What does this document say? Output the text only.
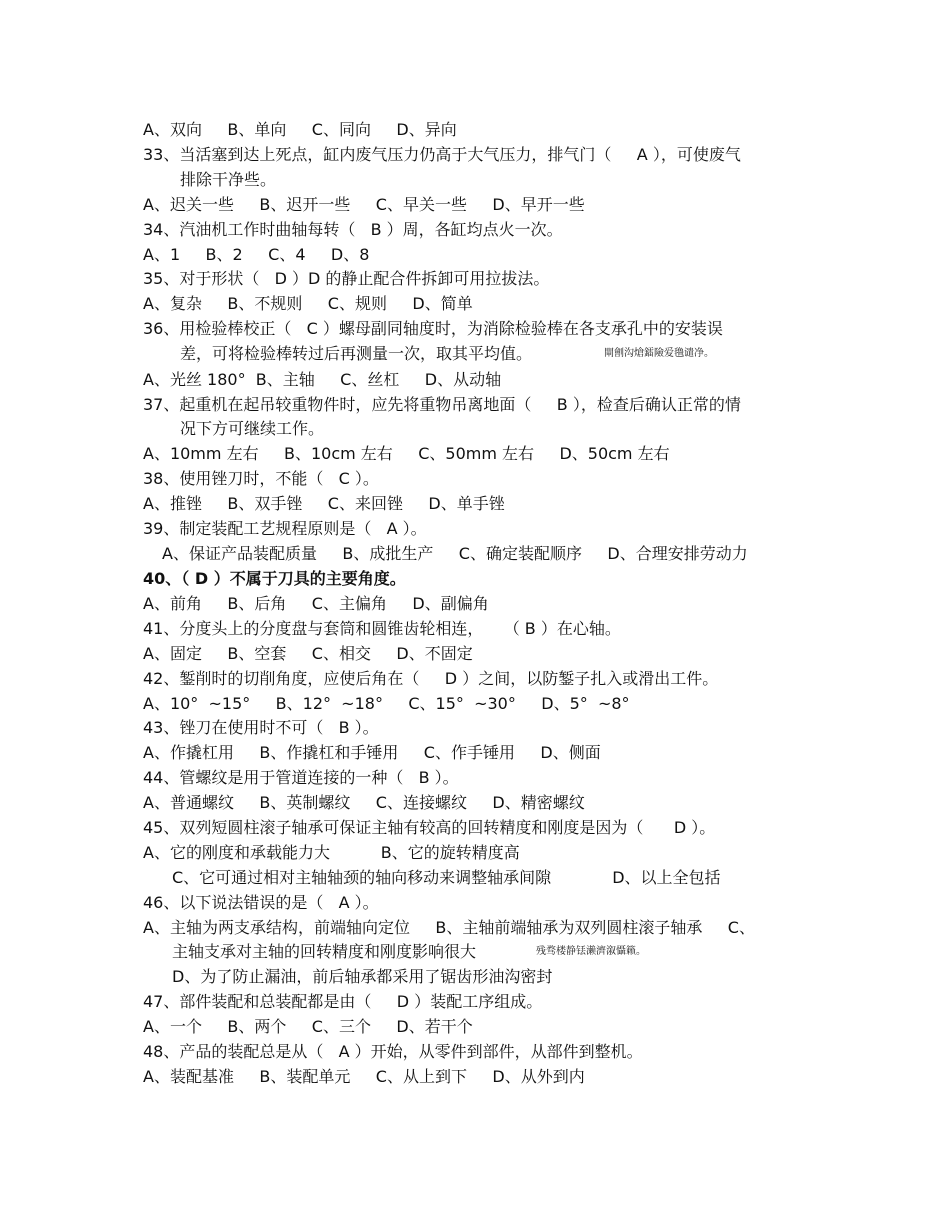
A、双向     B、单向     C、同向     D、异向
33、当活塞到达上死点，缸内废气压力仍高于大气压力，排气门（     A ），可使废气
排除干净些。
A、迟关一些     B、迟开一些     C、早关一些     D、早开一些
34、汽油机工作时曲轴每转（   B ）周，各缸均点火一次。
A、1     B、2     C、4     D、8
35、对于形状（   D ）D 的静止配合件拆卸可用拉拔法。
A、复杂     B、不规则     C、规则     D、简单
36、用检验棒校正（   C ）螺母副同轴度时，为消除检验棒在各支承孔中的安装误
差，可将检验棒转过后再测量一次，取其平均值。	閘劊沟熗鐳險爱氇谴净。
A、光丝 180°  B、主轴     C、丝杠     D、从动轴
37、起重机在起吊较重物件时，应先将重物吊离地面（     B ），检查后确认正常的情
况下方可继续工作。
A、10mm 左右     B、10cm 左右     C、50mm 左右     D、50cm 左右
38、使用锉刀时，不能（   C ）。
A、推锉     B、双手锉     C、来回锉     D、单手锉
39、制定装配工艺规程原则是（   A ）。
A、保证产品装配质量     B、成批生产     C、确定装配顺序     D、合理安排劳动力
40、（ D ）不属于刀具的主要角度。
A、前角     B、后角     C、主偏角     D、副偏角
41、分度头上的分度盘与套筒和圆锥齿轮相连，    （ B ）在心轴。
A、固定     B、空套     C、相交     D、不固定
42、錾削时的切削角度，应使后角在（     D ）之间，以防錾子扎入或滑出工件。
A、10°  ~15°     B、12°  ~18°     C、15°  ~30°     D、5°  ~8°
43、锉刀在使用时不可（   B ）。
A、作撬杠用     B、作撬杠和手锤用     C、作手锤用     D、侧面
44、管螺纹是用于管道连接的一种（   B ）。
A、普通螺纹     B、英制螺纹     C、连接螺纹     D、精密螺纹
45、双列短圆柱滚子轴承可保证主轴有较高的回转精度和刚度是因为（      D ）。
A、它的刚度和承载能力大          B、它的旋转精度高
C、它可通过相对主轴轴颈的轴向移动来调整轴承间隙            D、以上全包括
46、以下说法错误的是（   A ）。
A、主轴为两支承结构，前端轴向定位     B、主轴前端轴承为双列圆柱滚子轴承     C、
主轴支承对主轴的回转精度和刚度影响很大	残骛楼静铥濑濟溆懾籟。
D、为了防止漏油，前后轴承都采用了锯齿形油沟密封
47、部件装配和总装配都是由（     D ）装配工序组成。
A、一个     B、两个     C、三个     D、若干个
48、产品的装配总是从（   A ）开始，从零件到部件，从部件到整机。
A、装配基准     B、装配单元     C、从上到下     D、从外到内
